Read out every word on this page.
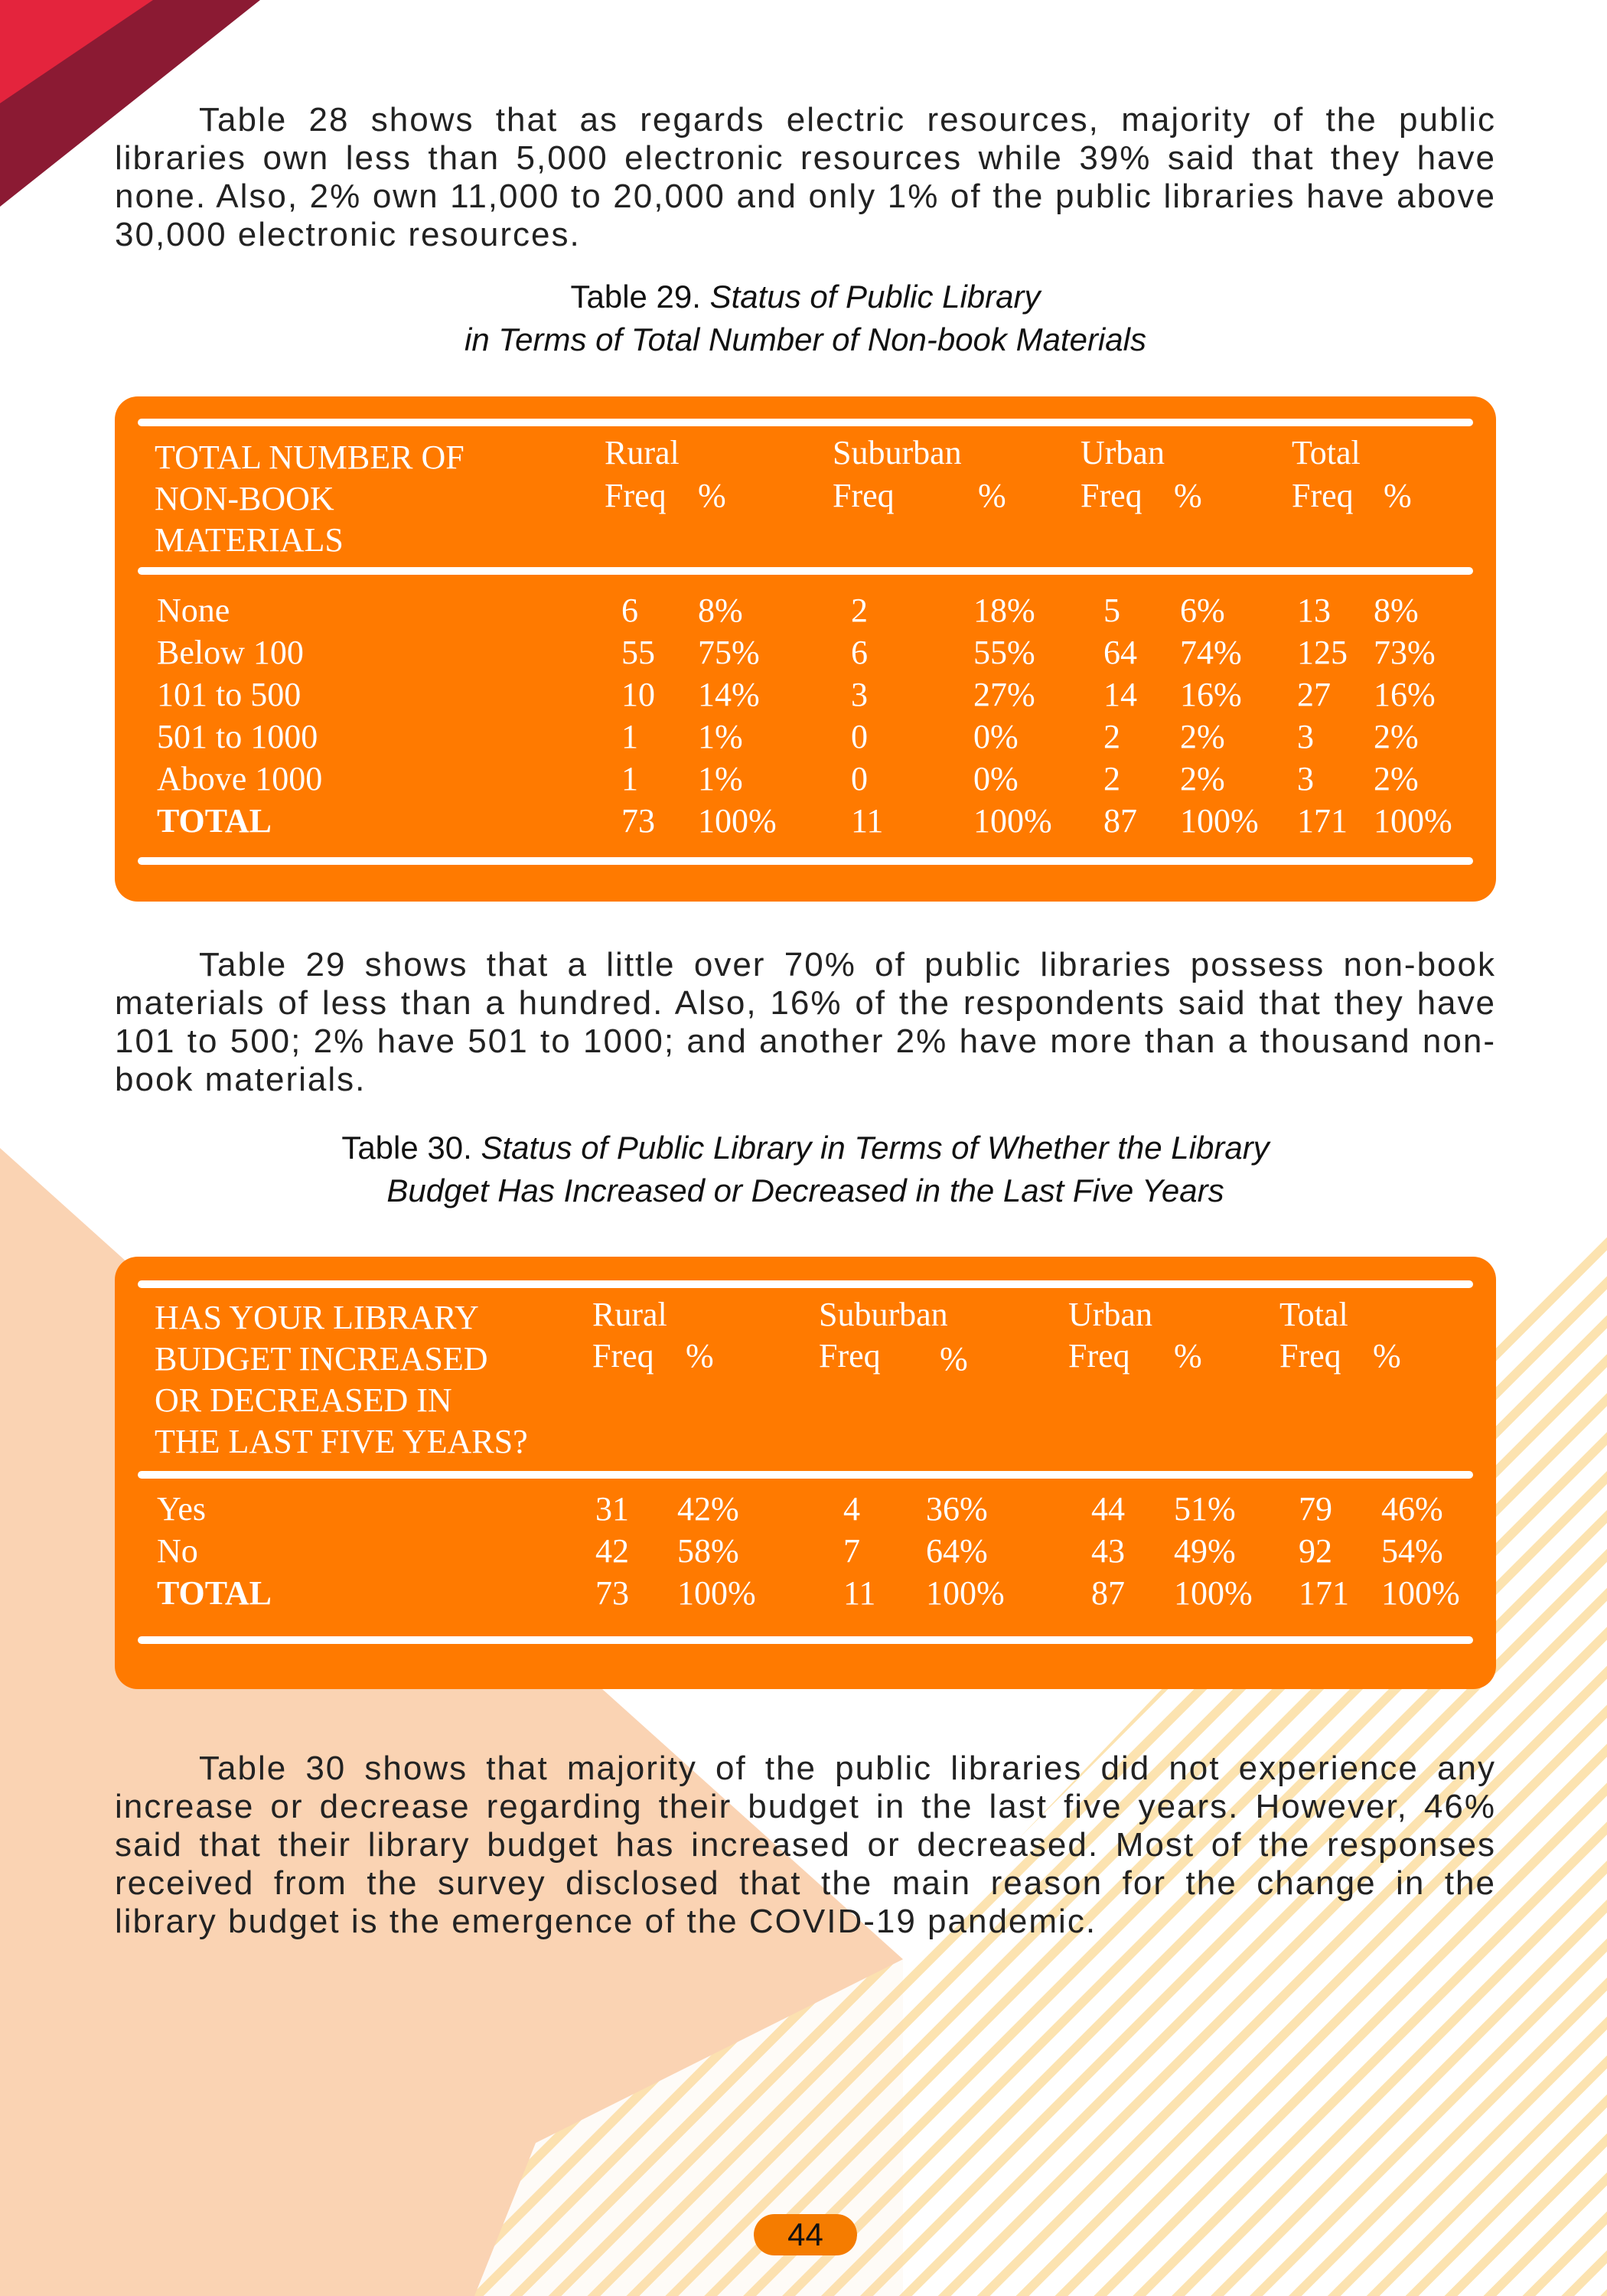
Table 28 shows that as regards electric resources, majority of the public libraries own less than 5,000 electronic resources while 39% said that they have none. Also, 2% own 11,000 to 20,000 and only 1% of the public libraries have above 30,000 electronic resources.

Table 29. Status of Public Library
in Terms of Total Number of Non-book Materials
TOTAL NUMBER OF
NON-BOOK
MATERIALS
Rural	Suburban	Urban	Total
Freq %	Freq % Freq %	Freq %
None	6 8%	2	18% 5 6% 13 8%
Below 100	55 75%	6	55% 64 74% 125 73%
101 to 500	10 14%	3	27% 14 16% 27 16%
501 to 1000	1 1%	0	0%	2 2% 3 2%
Above 1000	1 1%	0	0%	2 2% 3 2%
TOTAL	73 100% 11	100% 87 100% 171 100%

Table 29 shows that a little over 70% of public libraries possess non-book materials of less than a hundred. Also, 16% of the respondents said that they have 101 to 500; 2% have 501 to 1000; and another 2% have more than a thousand non-book materials.

Table 30. Status of Public Library in Terms of Whether the Library
Budget Has Increased or Decreased in the Last Five Years
HAS YOUR LIBRARY
BUDGET INCREASED
OR DECREASED IN
THE LAST FIVE YEARS?
Rural	Suburban	Urban	Total
Freq %	Freq %	Freq % Freq %
Yes	31 42%	4 36%	44 51% 79 46%
No	42 58%	7 64%	43 49% 92 54%
TOTAL	73 100%	11 100%	87 100% 171 100%

Table 30 shows that majority of the public libraries did not experience any increase or decrease regarding their budget in the last five years. However, 46% said that their library budget has increased or decreased. Most of the responses received from the survey disclosed that the main reason for the change in the library budget is the emergence of the COVID-19 pandemic.

44
